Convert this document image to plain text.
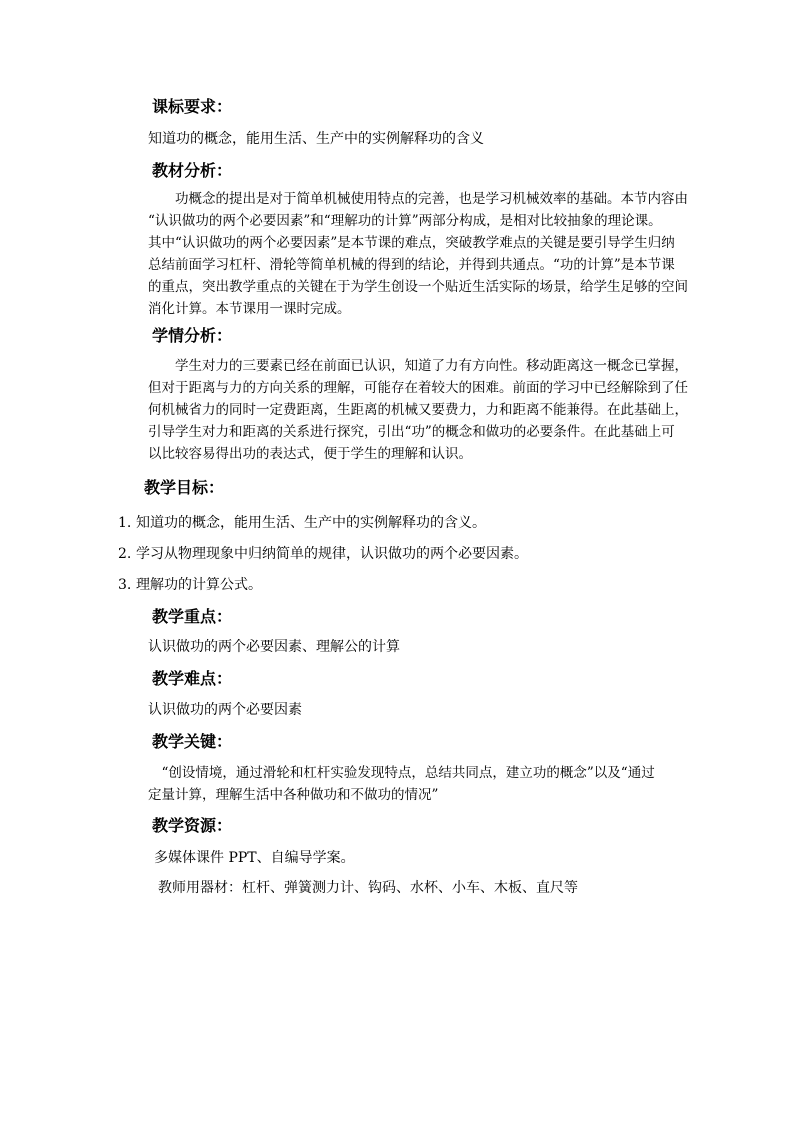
课标要求：
知道功的概念，能用生活、生产中的实例解释功的含义
教材分析：
　　功概念的提出是对于简单机械使用特点的完善，也是学习机械效率的基础。本节内容由
“认识做功的两个必要因素”和“理解功的计算”两部分构成，是相对比较抽象的理论课。
其中“认识做功的两个必要因素”是本节课的难点，突破教学难点的关键是要引导学生归纳
总结前面学习杠杆、滑轮等简单机械的得到的结论，并得到共通点。“功的计算”是本节课
的重点，突出教学重点的关键在于为学生创设一个贴近生活实际的场景，给学生足够的空间
消化计算。本节课用一课时完成。
学情分析：
　　学生对力的三要素已经在前面已认识，知道了力有方向性。移动距离这一概念已掌握，
但对于距离与力的方向关系的理解，可能存在着较大的困难。前面的学习中已经解除到了任
何机械省力的同时一定费距离，生距离的机械又要费力，力和距离不能兼得。在此基础上，
引导学生对力和距离的关系进行探究，引出“功”的概念和做功的必要条件。在此基础上可
以比较容易得出功的表达式，便于学生的理解和认识。
教学目标：
1. 知道功的概念，能用生活、生产中的实例解释功的含义。
2. 学习从物理现象中归纳简单的规律，认识做功的两个必要因素。
3. 理解功的计算公式。
教学重点：
认识做功的两个必要因素、理解公的计算
教学难点：
认识做功的两个必要因素
教学关键：
　“创设情境，通过滑轮和杠杆实验发现特点，总结共同点，建立功的概念”以及“通过
定量计算，理解生活中各种做功和不做功的情况”
教学资源：
多媒体课件 PPT、自编导学案。
教师用器材：杠杆、弹簧测力计、钩码、水杯、小车、木板、直尺等
